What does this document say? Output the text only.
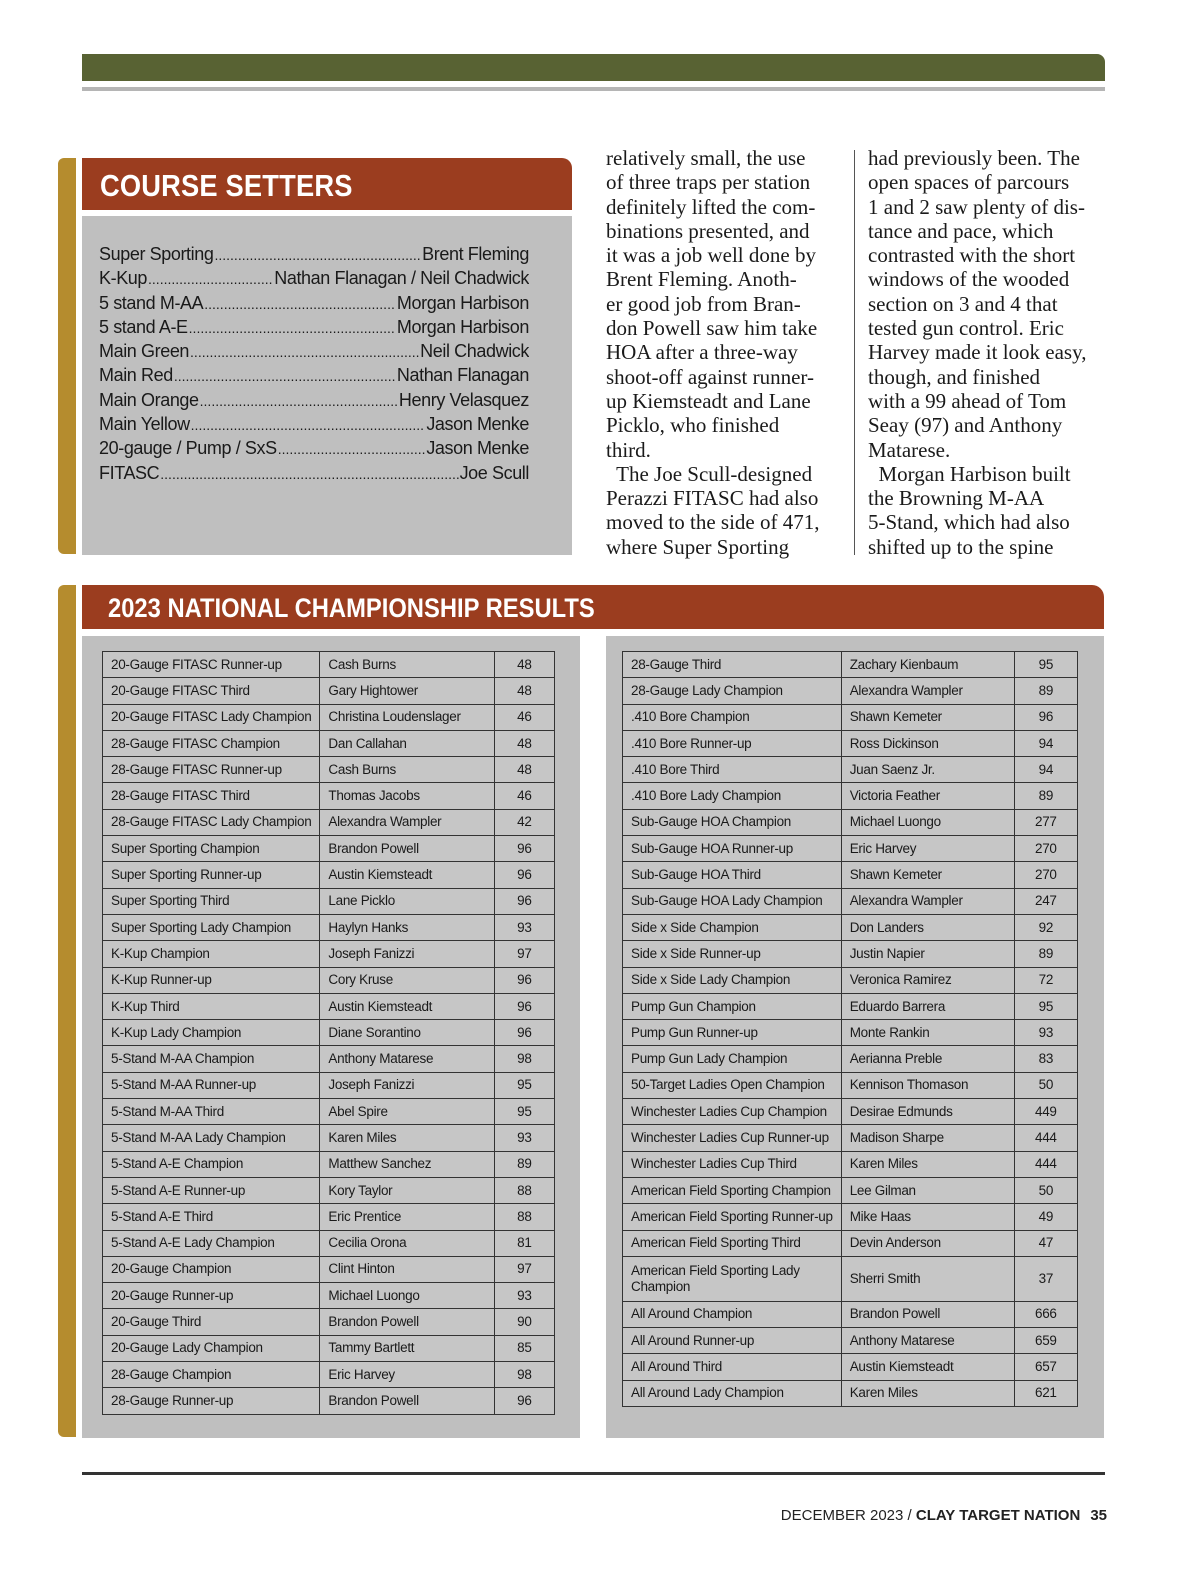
COURSE SETTERS
Super Sporting .....	Brent Fleming
K-Kup .....	Nathan Flanagan / Neil Chadwick
5 stand M-AA .....	Morgan Harbison
5 stand A-E .....	Morgan Harbison
Main Green .....	Neil Chadwick
Main Red .....	Nathan Flanagan
Main Orange .....	Henry Velasquez
Main Yellow .....	Jason Menke
20-gauge / Pump / SxS .....	Jason Menke
FITASC .....	Joe Scull
relatively small, the use
of three traps per station
definitely lifted the com-
binations presented, and
it was a job well done by
Brent Fleming. Anoth-
er good job from Bran-
don Powell saw him take
HOA after a three-way
shoot-off against runner-
up Kiemsteadt and Lane
Picklo, who finished
third.
The Joe Scull-designed
Perazzi FITASC had also
moved to the side of 471,
where Super Sporting
had previously been. The
open spaces of parcours
1 and 2 saw plenty of dis-
tance and pace, which
contrasted with the short
windows of the wooded
section on 3 and 4 that
tested gun control. Eric
Harvey made it look easy,
though, and finished
with a 99 ahead of Tom
Seay (97) and Anthony
Matarese.
Morgan Harbison built
the Browning M-AA
5-Stand, which had also
shifted up to the spine
2023 NATIONAL CHAMPIONSHIP RESULTS
20-Gauge FITASC Runner-up	Cash Burns	48
20-Gauge FITASC Third	Gary Hightower	48
20-Gauge FITASC Lady Champion	Christina Loudenslager	46
28-Gauge FITASC Champion	Dan Callahan	48
28-Gauge FITASC Runner-up	Cash Burns	48
28-Gauge FITASC Third	Thomas Jacobs	46
28-Gauge FITASC Lady Champion	Alexandra Wampler	42
Super Sporting Champion	Brandon Powell	96
Super Sporting Runner-up	Austin Kiemsteadt	96
Super Sporting Third	Lane Picklo	96
Super Sporting Lady Champion	Haylyn Hanks	93
K-Kup Champion	Joseph Fanizzi	97
K-Kup Runner-up	Cory Kruse	96
K-Kup Third	Austin Kiemsteadt	96
K-Kup Lady Champion	Diane Sorantino	96
5-Stand M-AA Champion	Anthony Matarese	98
5-Stand M-AA Runner-up	Joseph Fanizzi	95
5-Stand M-AA Third	Abel Spire	95
5-Stand M-AA Lady Champion	Karen Miles	93
5-Stand A-E Champion	Matthew Sanchez	89
5-Stand A-E Runner-up	Kory Taylor	88
5-Stand A-E Third	Eric Prentice	88
5-Stand A-E Lady Champion	Cecilia Orona	81
20-Gauge Champion	Clint Hinton	97
20-Gauge Runner-up	Michael Luongo	93
20-Gauge Third	Brandon Powell	90
20-Gauge Lady Champion	Tammy Bartlett	85
28-Gauge Champion	Eric Harvey	98
28-Gauge Runner-up	Brandon Powell	96
28-Gauge Third	Zachary Kienbaum	95
28-Gauge Lady Champion	Alexandra Wampler	89
.410 Bore Champion	Shawn Kemeter	96
.410 Bore Runner-up	Ross Dickinson	94
.410 Bore Third	Juan Saenz Jr.	94
.410 Bore Lady Champion	Victoria Feather	89
Sub-Gauge HOA Champion	Michael Luongo	277
Sub-Gauge HOA Runner-up	Eric Harvey	270
Sub-Gauge HOA Third	Shawn Kemeter	270
Sub-Gauge HOA Lady Champion	Alexandra Wampler	247
Side x Side Champion	Don Landers	92
Side x Side Runner-up	Justin Napier	89
Side x Side Lady Champion	Veronica Ramirez	72
Pump Gun Champion	Eduardo Barrera	95
Pump Gun Runner-up	Monte Rankin	93
Pump Gun Lady Champion	Aerianna Preble	83
50-Target Ladies Open Champion	Kennison Thomason	50
Winchester Ladies Cup Champion	Desirae Edmunds	449
Winchester Ladies Cup Runner-up	Madison Sharpe	444
Winchester Ladies Cup Third	Karen Miles	444
American Field Sporting Champion	Lee Gilman	50
American Field Sporting Runner-up	Mike Haas	49
American Field Sporting Third	Devin Anderson	47
American Field Sporting Lady Champion	Sherri Smith	37
All Around Champion	Brandon Powell	666
All Around Runner-up	Anthony Matarese	659
All Around Third	Austin Kiemsteadt	657
All Around Lady Champion	Karen Miles	621
DECEMBER 2023 / CLAY TARGET NATION 35
